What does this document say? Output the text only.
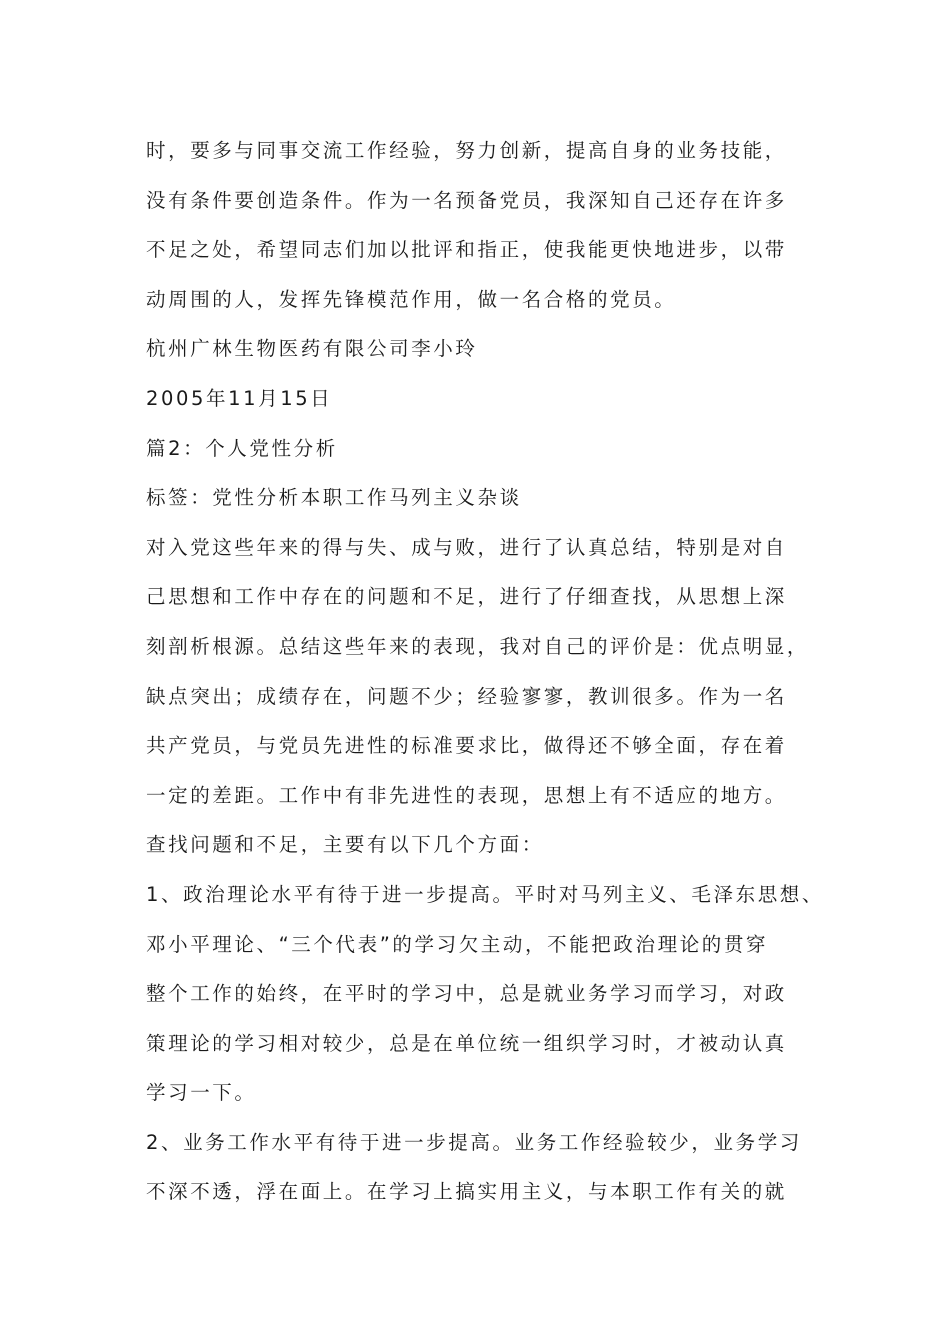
时，要多与同事交流工作经验，努力创新，提高自身的业务技能，
没有条件要创造条件。作为一名预备党员，我深知自己还存在许多
不足之处，希望同志们加以批评和指正，使我能更快地进步，以带
动周围的人，发挥先锋模范作用，做一名合格的党员。
杭州广林生物医药有限公司李小玲
2005年11月15日
篇2：个人党性分析
标签：党性分析本职工作马列主义杂谈
对入党这些年来的得与失、成与败，进行了认真总结，特别是对自
己思想和工作中存在的问题和不足，进行了仔细查找，从思想上深
刻剖析根源。总结这些年来的表现，我对自己的评价是：优点明显，
缺点突出；成绩存在，问题不少；经验寥寥，教训很多。作为一名
共产党员，与党员先进性的标准要求比，做得还不够全面，存在着
一定的差距。工作中有非先进性的表现，思想上有不适应的地方。
查找问题和不足，主要有以下几个方面：
1、政治理论水平有待于进一步提高。平时对马列主义、毛泽东思想、
邓小平理论、“三个代表”的学习欠主动，不能把政治理论的贯穿
整个工作的始终，在平时的学习中，总是就业务学习而学习，对政
策理论的学习相对较少，总是在单位统一组织学习时，才被动认真
学习一下。
2、业务工作水平有待于进一步提高。业务工作经验较少，业务学习
不深不透，浮在面上。在学习上搞实用主义，与本职工作有关的就
